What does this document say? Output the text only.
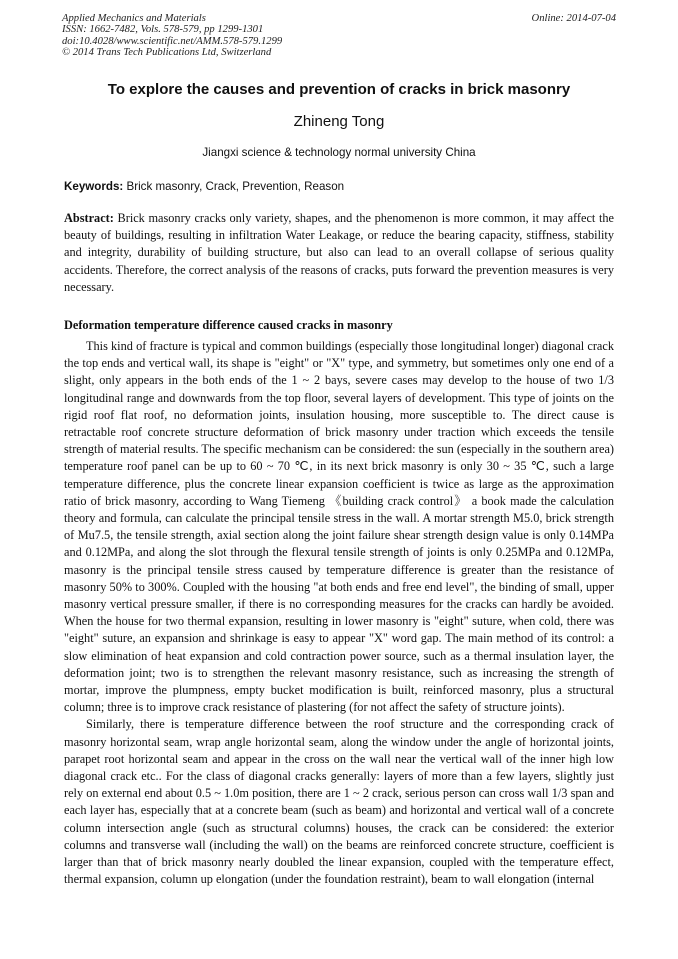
Applied Mechanics and Materials
ISSN: 1662-7482, Vols. 578-579, pp 1299-1301
doi:10.4028/www.scientific.net/AMM.578-579.1299
© 2014 Trans Tech Publications Ltd, Switzerland
Online: 2014-07-04
To explore the causes and prevention of cracks in brick masonry
Zhineng Tong
Jiangxi science & technology normal university China
Keywords: Brick masonry, Crack, Prevention, Reason

Abstract: Brick masonry cracks only variety, shapes, and the phenomenon is more common, it may affect the beauty of buildings, resulting in infiltration Water Leakage, or reduce the bearing capacity, stiffness, stability and integrity, durability of building structure, but also can lead to an overall collapse of serious quality accidents. Therefore, the correct analysis of the reasons of cracks, puts forward the prevention measures is very necessary.

Deformation temperature difference caused cracks in masonry

This kind of fracture is typical and common buildings (especially those longitudinal longer) diagonal crack the top ends and vertical wall, its shape is "eight" or "X" type, and symmetry, but sometimes only one end of a slight, only appears in the both ends of the 1 ~ 2 bays, severe cases may develop to the house of two 1/3 longitudinal range and downwards from the top floor, several layers of development. This type of joints on the rigid roof flat roof, no deformation joints, insulation housing, more susceptible to. The direct cause is retractable roof concrete structure deformation of brick masonry under traction which exceeds the tensile strength of material results. The specific mechanism can be considered: the sun (especially in the southern area) temperature roof panel can be up to 60 ~ 70 ℃, in its next brick masonry is only 30 ~ 35 ℃, such a large temperature difference, plus the concrete linear expansion coefficient is twice as large as the approximation ratio of brick masonry, according to Wang Tiemeng 《building crack control》 a book made the calculation theory and formula, can calculate the principal tensile stress in the wall. A mortar strength M5.0, brick strength of Mu7.5, the tensile strength, axial section along the joint failure shear strength design value is only 0.14MPa and 0.12MPa, and along the slot through the flexural tensile strength of joints is only 0.25MPa and 0.12MPa, masonry is the principal tensile stress caused by temperature difference is greater than the resistance of masonry 50% to 300%. Coupled with the housing "at both ends and free end level", the binding of small, upper masonry vertical pressure smaller, if there is no corresponding measures for the cracks can hardly be avoided. When the house for two thermal expansion, resulting in lower masonry is "eight" suture, when cold, there was "eight" suture, an expansion and shrinkage is easy to appear "X" word gap. The main method of its control: a slow elimination of heat expansion and cold contraction power source, such as a thermal insulation layer, the deformation joint; two is to strengthen the relevant masonry resistance, such as increasing the strength of mortar, improve the plumpness, empty bucket modification is built, reinforced masonry, plus a structural column; three is to improve crack resistance of plastering (for not affect the safety of structure joints).

Similarly, there is temperature difference between the roof structure and the corresponding crack of masonry horizontal seam, wrap angle horizontal seam, along the window under the angle of horizontal joints, parapet root horizontal seam and appear in the cross on the wall near the vertical wall of the inner high low diagonal crack etc.. For the class of diagonal cracks generally: layers of more than a few layers, slightly just rely on external end about 0.5 ~ 1.0m position, there are 1 ~ 2 crack, serious person can cross wall 1/3 span and each layer has, especially that at a concrete beam (such as beam) and horizontal and vertical wall of a concrete column intersection angle (such as structural columns) houses, the crack can be considered: the exterior columns and transverse wall (including the wall) on the beams are reinforced concrete structure, coefficient is larger than that of brick masonry nearly doubled the linear expansion, coupled with the temperature effect, thermal expansion, column up elongation (under the foundation restraint), beam to wall elongation (internal
